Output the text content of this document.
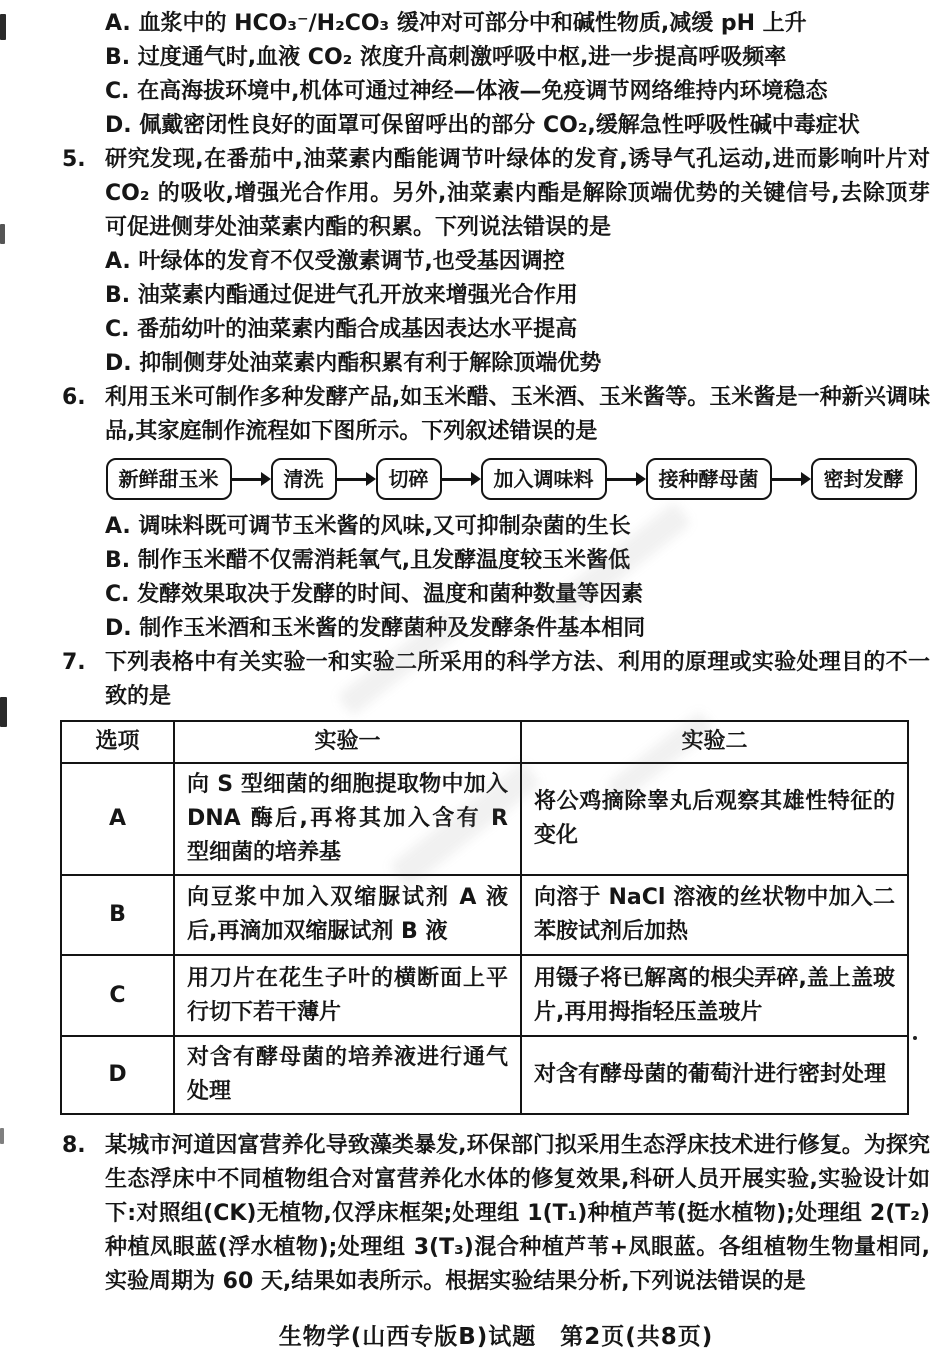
A. 血浆中的 HCO₃⁻/H₂CO₃ 缓冲对可部分中和碱性物质,减缓 pH 上升
B. 过度通气时,血液 CO₂ 浓度升高刺激呼吸中枢,进一步提高呼吸频率
C. 在高海拔环境中,机体可通过神经—体液—免疫调节网络维持内环境稳态
D. 佩戴密闭性良好的面罩可保留呼出的部分 CO₂,缓解急性呼吸性碱中毒症状
5. 研究发现,在番茄中,油菜素内酯能调节叶绿体的发育,诱导气孔运动,进而影响叶片对 CO₂ 的吸收,增强光合作用。另外,油菜素内酯是解除顶端优势的关键信号,去除顶芽可促进侧芽处油菜素内酯的积累。下列说法错误的是
A. 叶绿体的发育不仅受激素调节,也受基因调控
B. 油菜素内酯通过促进气孔开放来增强光合作用
C. 番茄幼叶的油菜素内酯合成基因表达水平提高
D. 抑制侧芽处油菜素内酯积累有利于解除顶端优势
6. 利用玉米可制作多种发酵产品,如玉米醋、玉米酒、玉米酱等。玉米酱是一种新兴调味品,其家庭制作流程如下图所示。下列叙述错误的是
新鲜甜玉米	清洗	切碎	加入调味料	接种酵母菌	密封发酵
A. 调味料既可调节玉米酱的风味,又可抑制杂菌的生长
B. 制作玉米醋不仅需消耗氧气,且发酵温度较玉米酱低
C. 发酵效果取决于发酵的时间、温度和菌种数量等因素
D. 制作玉米酒和玉米酱的发酵菌种及发酵条件基本相同
7. 下列表格中有关实验一和实验二所采用的科学方法、利用的原理或实验处理目的不一致的是
选项	实验一	实验二
A	向 S 型细菌的细胞提取物中加入 DNA 酶后,再将其加入含有 R 型细菌的培养基	将公鸡摘除睾丸后观察其雄性特征的变化
B	向豆浆中加入双缩脲试剂 A 液后,再滴加双缩脲试剂 B 液	向溶于 NaCl 溶液的丝状物中加入二苯胺试剂后加热
C	用刀片在花生子叶的横断面上平行切下若干薄片	用镊子将已解离的根尖弄碎,盖上盖玻片,再用拇指轻压盖玻片
D	对含有酵母菌的培养液进行通气处理	对含有酵母菌的葡萄汁进行密封处理
8. 某城市河道因富营养化导致藻类暴发,环保部门拟采用生态浮床技术进行修复。为探究生态浮床中不同植物组合对富营养化水体的修复效果,科研人员开展实验,实验设计如下:对照组(CK)无植物,仅浮床框架;处理组 1(T₁)种植芦苇(挺水植物);处理组 2(T₂)种植凤眼蓝(浮水植物);处理组 3(T₃)混合种植芦苇+凤眼蓝。各组植物生物量相同,实验周期为 60 天,结果如表所示。根据实验结果分析,下列说法错误的是
生物学(山西专版B)试题　第2页(共8页)
